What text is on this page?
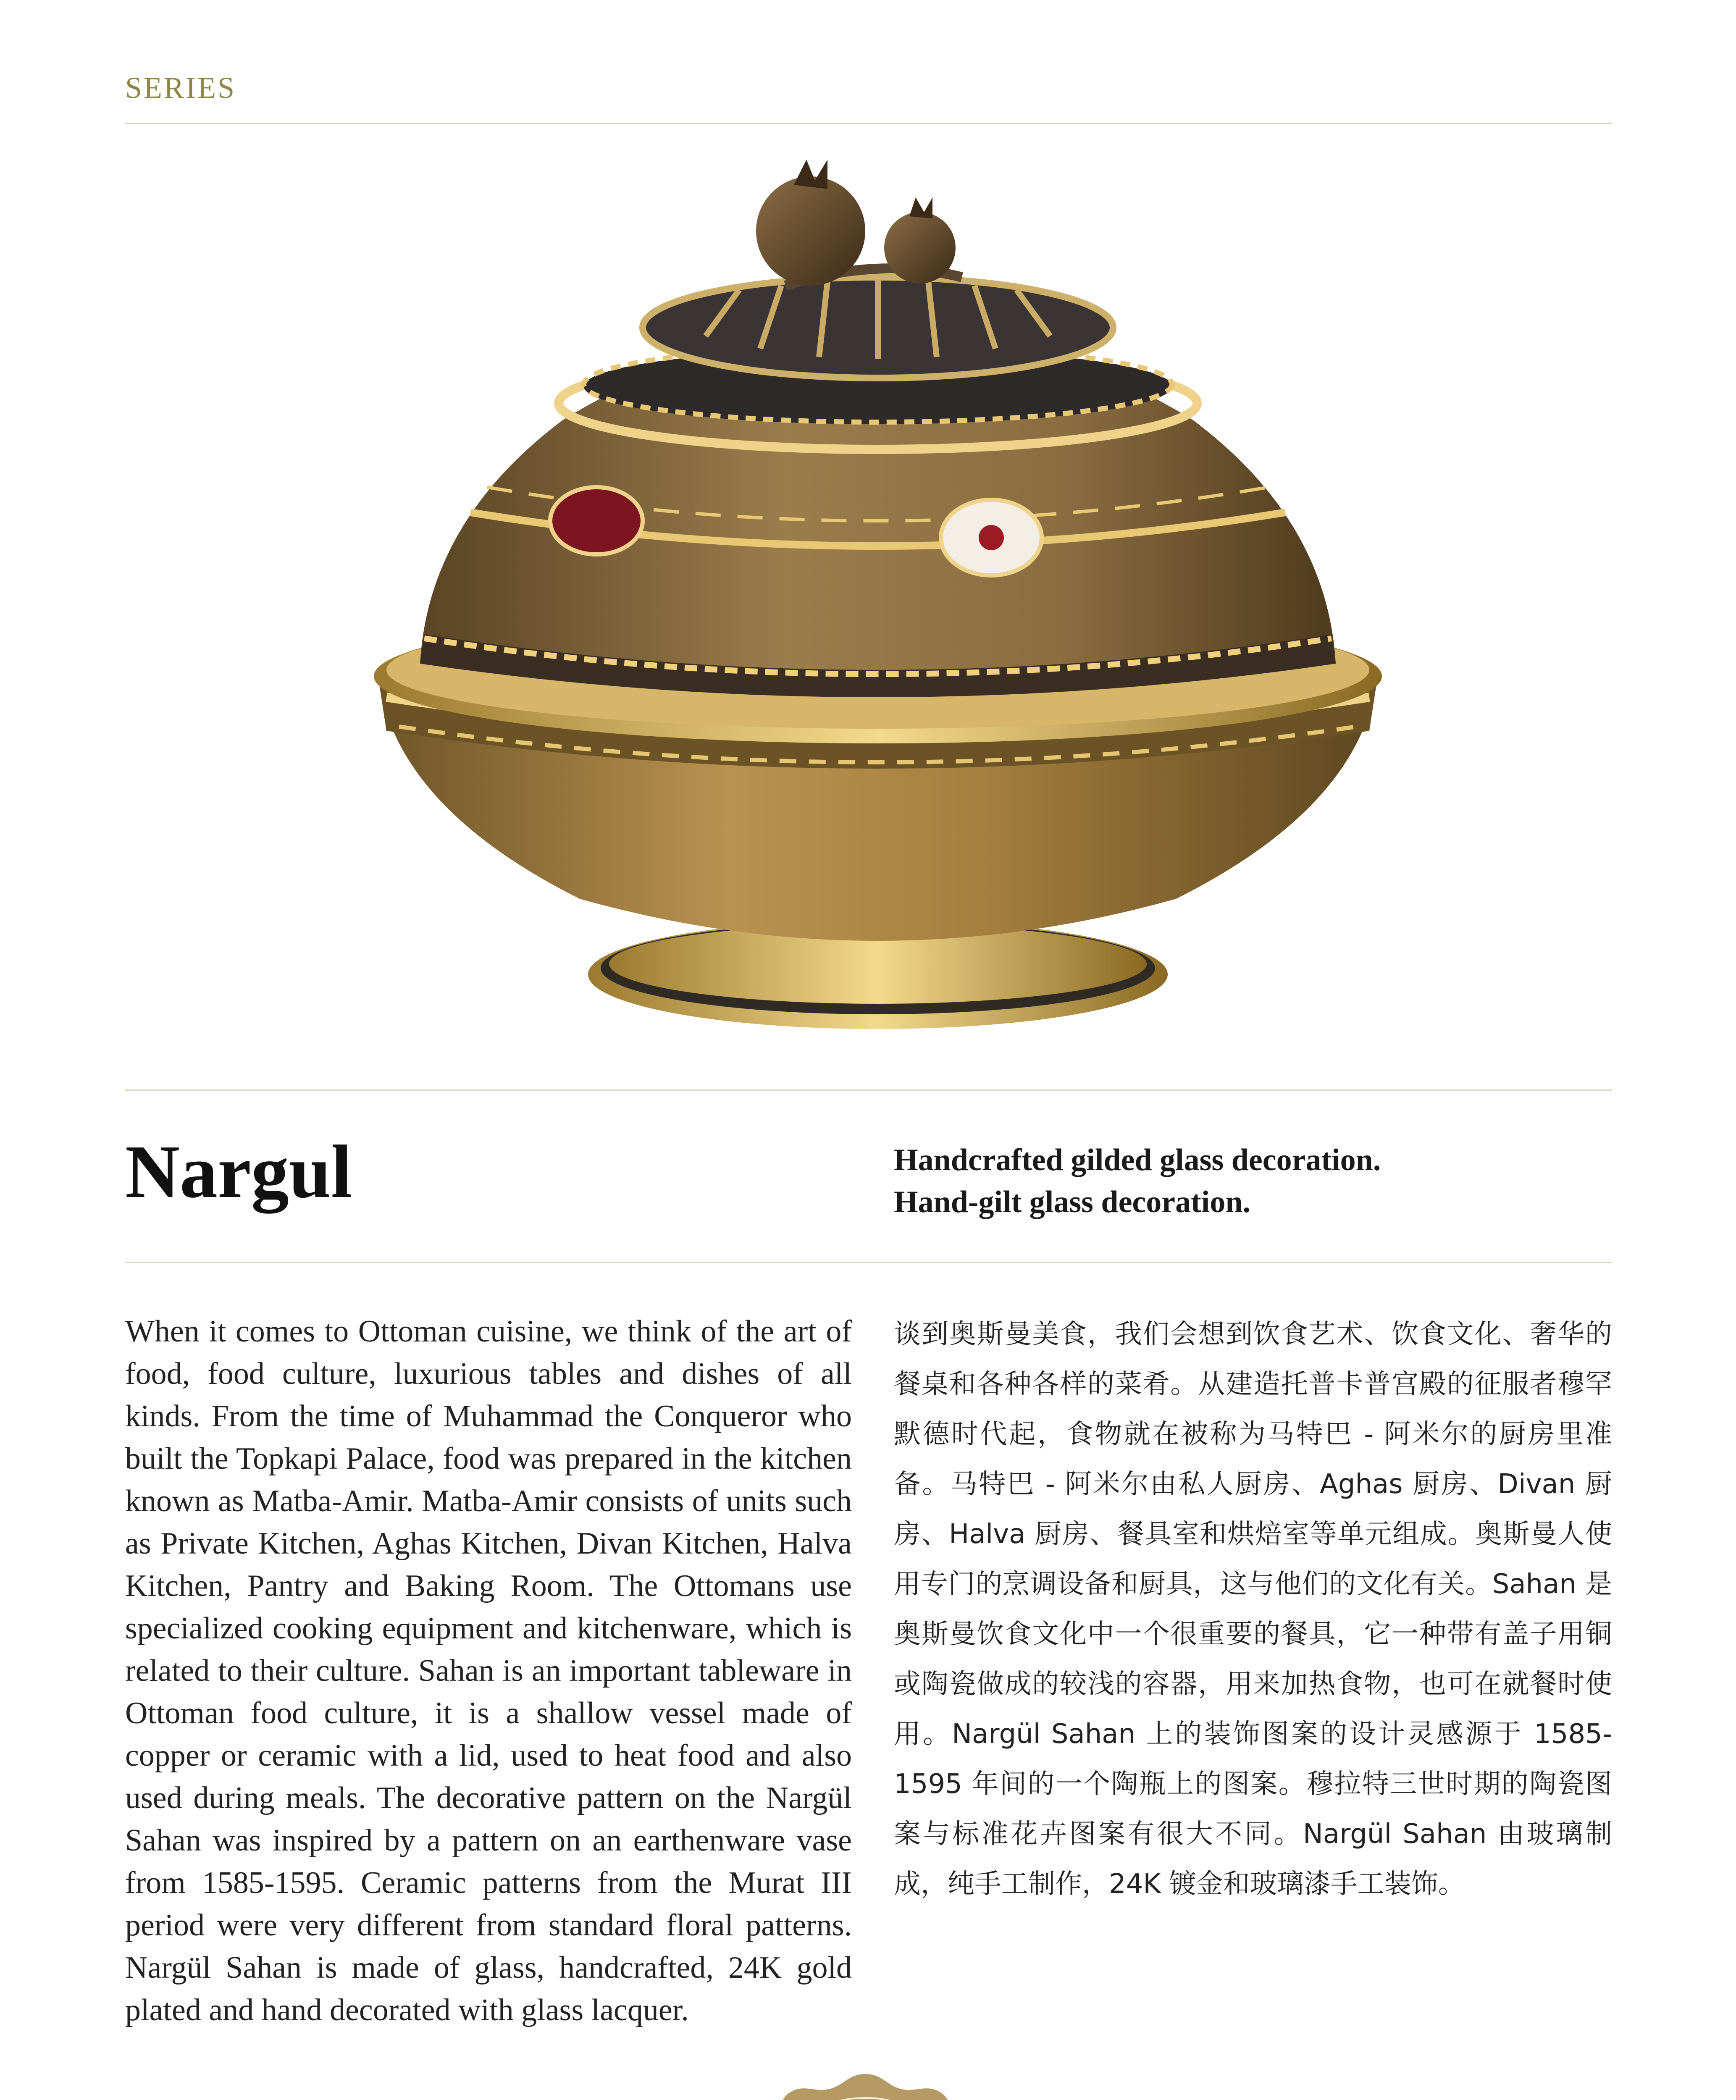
SERIES
Nargul	Handcrafted gilded glass decoration.
Hand-gilt glass decoration.
When it comes to Ottoman cuisine, we think of the art of food, food culture, luxurious tables and dishes of all kinds. From the time of Muhammad the Conqueror who built the Topkapi Palace, food was prepared in the kitchen known as Matba-Amir. Matba-Amir consists of units such as Private Kitchen, Aghas Kitchen, Divan Kitchen, Halva Kitchen, Pantry and Baking Room. The Ottomans use specialized cooking equipment and kitchenware, which is related to their culture. Sahan is an important tableware in Ottoman food culture, it is a shallow vessel made of copper or ceramic with a lid, used to heat food and also used during meals. The decorative pattern on the Nargül Sahan was inspired by a pattern on an earthenware vase from 1585-1595. Ceramic patterns from the Murat III period were very different from standard floral patterns. Nargül Sahan is made of glass, handcrafted, 24K gold plated and hand decorated with glass lacquer.
谈到奥斯曼美食，我们会想到饮食艺术、饮食文化、奢华的餐桌和各种各样的菜肴。从建造托普卡普宫殿的征服者穆罕默德时代起，食物就在被称为马特巴 - 阿米尔的厨房里准备。马特巴 - 阿米尔由私人厨房、Aghas 厨房、Divan 厨房、Halva 厨房、餐具室和烘焙室等单元组成。奥斯曼人使用专门的烹调设备和厨具，这与他们的文化有关。Sahan 是奥斯曼饮食文化中一个很重要的餐具，它一种带有盖子用铜或陶瓷做成的较浅的容器，用来加热食物，也可在就餐时使用。Nargül Sahan 上的装饰图案的设计灵感源于 1585-1595 年间的一个陶瓶上的图案。穆拉特三世时期的陶瓷图案与标准花卉图案有很大不同。Nargül Sahan 由玻璃制成，纯手工制作，24K 镀金和玻璃漆手工装饰。
